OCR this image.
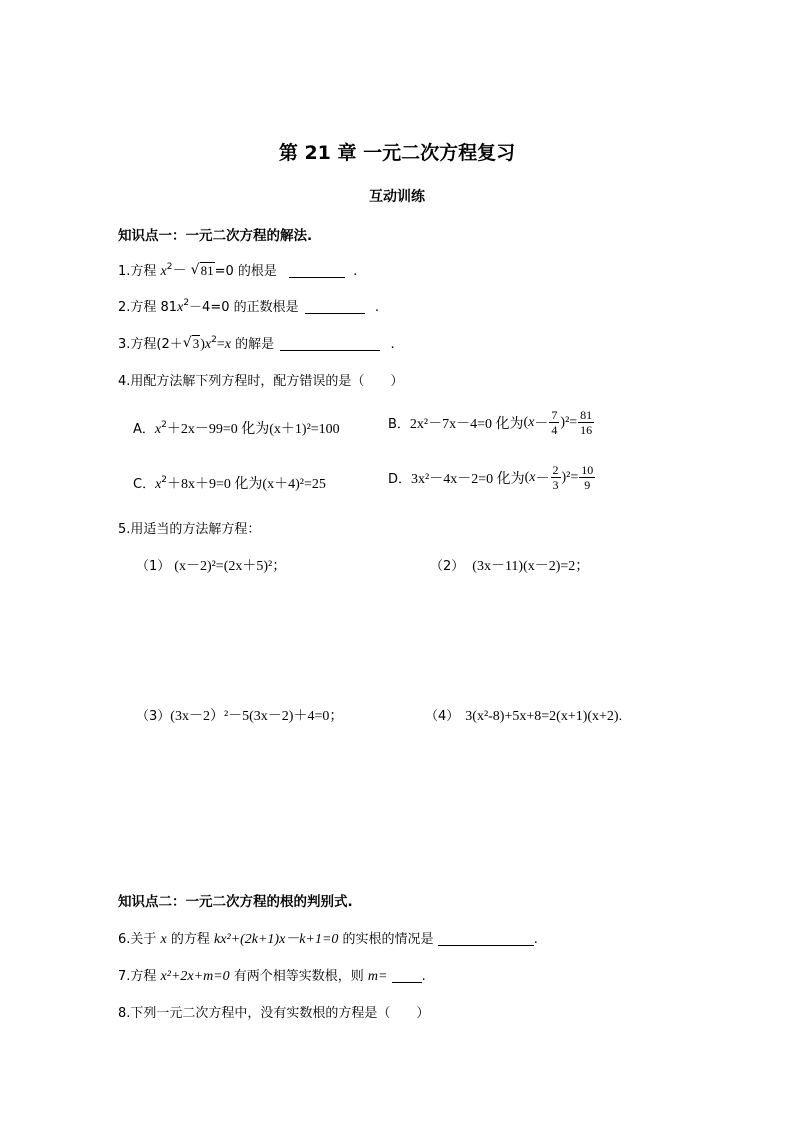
第 21 章 一元二次方程复习
互动训练
知识点一：一元二次方程的解法.
1.方程 $x^2-$ √ 81=0 的根是	.
2.方程 $81x^2-4=0$ 的正数根是	.
3.方程(2＋ √ $3)x^2=x$ 的解是	.
4.用配方法解下列方程时，配方错误的是（　　）
A．$x^2+2x-99=0$ 化为(x＋1)²=100	B． 2x²－7x－4=0 化为 ( $x - \frac{7}{4} )^2= \frac{81}{16}$
C．$x^2+8x+9=0$ 化为(x＋4)²=25	D． 3x²－4x－2=0 化为 ( $x - \frac{2}{3} )^2= \frac{10}{9}$
5.用适当的方法解方程：
（1） (x－2)²=(2x＋5)²；	（2） (3x－11)(x－2)=2；
（3）(3x－2）²－5(3x－2)＋4=0；	（4） 3(x²-8)+5x+8=2(x+1)(x+2).
知识点二：一元二次方程的根的判别式.
6.关于 x 的方程 kx²+(2k+1)x－k+1=0 的实根的情况是	.
7.方程 x²+2x+m=0 有两个相等实数根，则 m=	.
8.下列一元二次方程中，没有实数根的方程是（　　）
